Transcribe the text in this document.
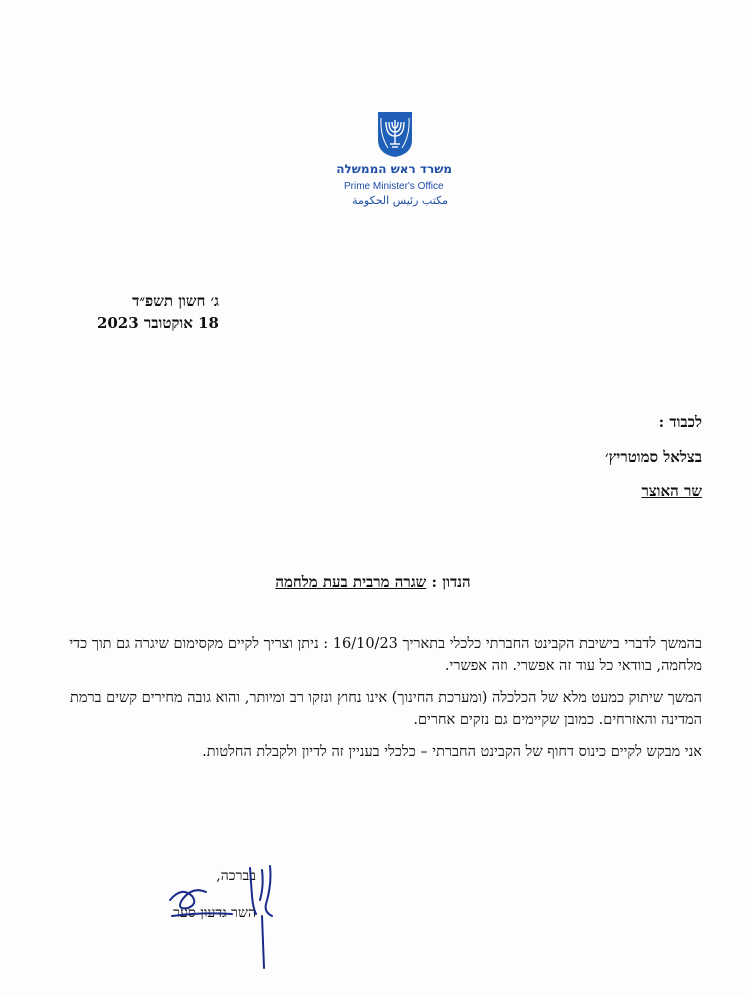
משרד ראש הממשלה
Prime Minister's Office
مكتب رئيس الحكومة
ג׳ חשון תשפ״ד
18 אוקטובר 2023
לכבוד :
בצלאל סמוטריץ׳
שר האוצר
הנדון : שגרה מרבית בעת מלחמה
בהמשך לדברי בישיבת הקבינט החברתי כלכלי בתאריך 16/10/23 : ניתן וצריך לקיים מקסימום שיגרה גם תוך כדי מלחמה, בוודאי כל עוד זה אפשרי. וזה אפשרי.
המשך שיתוק כמעט מלא של הכלכלה (ומערכת החינוך) אינו נחוץ ונזקו רב ומיותר, והוא גובה מחירים קשים ברמת המדינה והאזרחים. כמובן שקיימים גם נזקים אחרים.
אני מבקש לקיים כינוס דחוף של הקבינט החברתי – כלכלי בעניין זה לדיון ולקבלת החלטות.
בברכה,
השר גדעון סער
